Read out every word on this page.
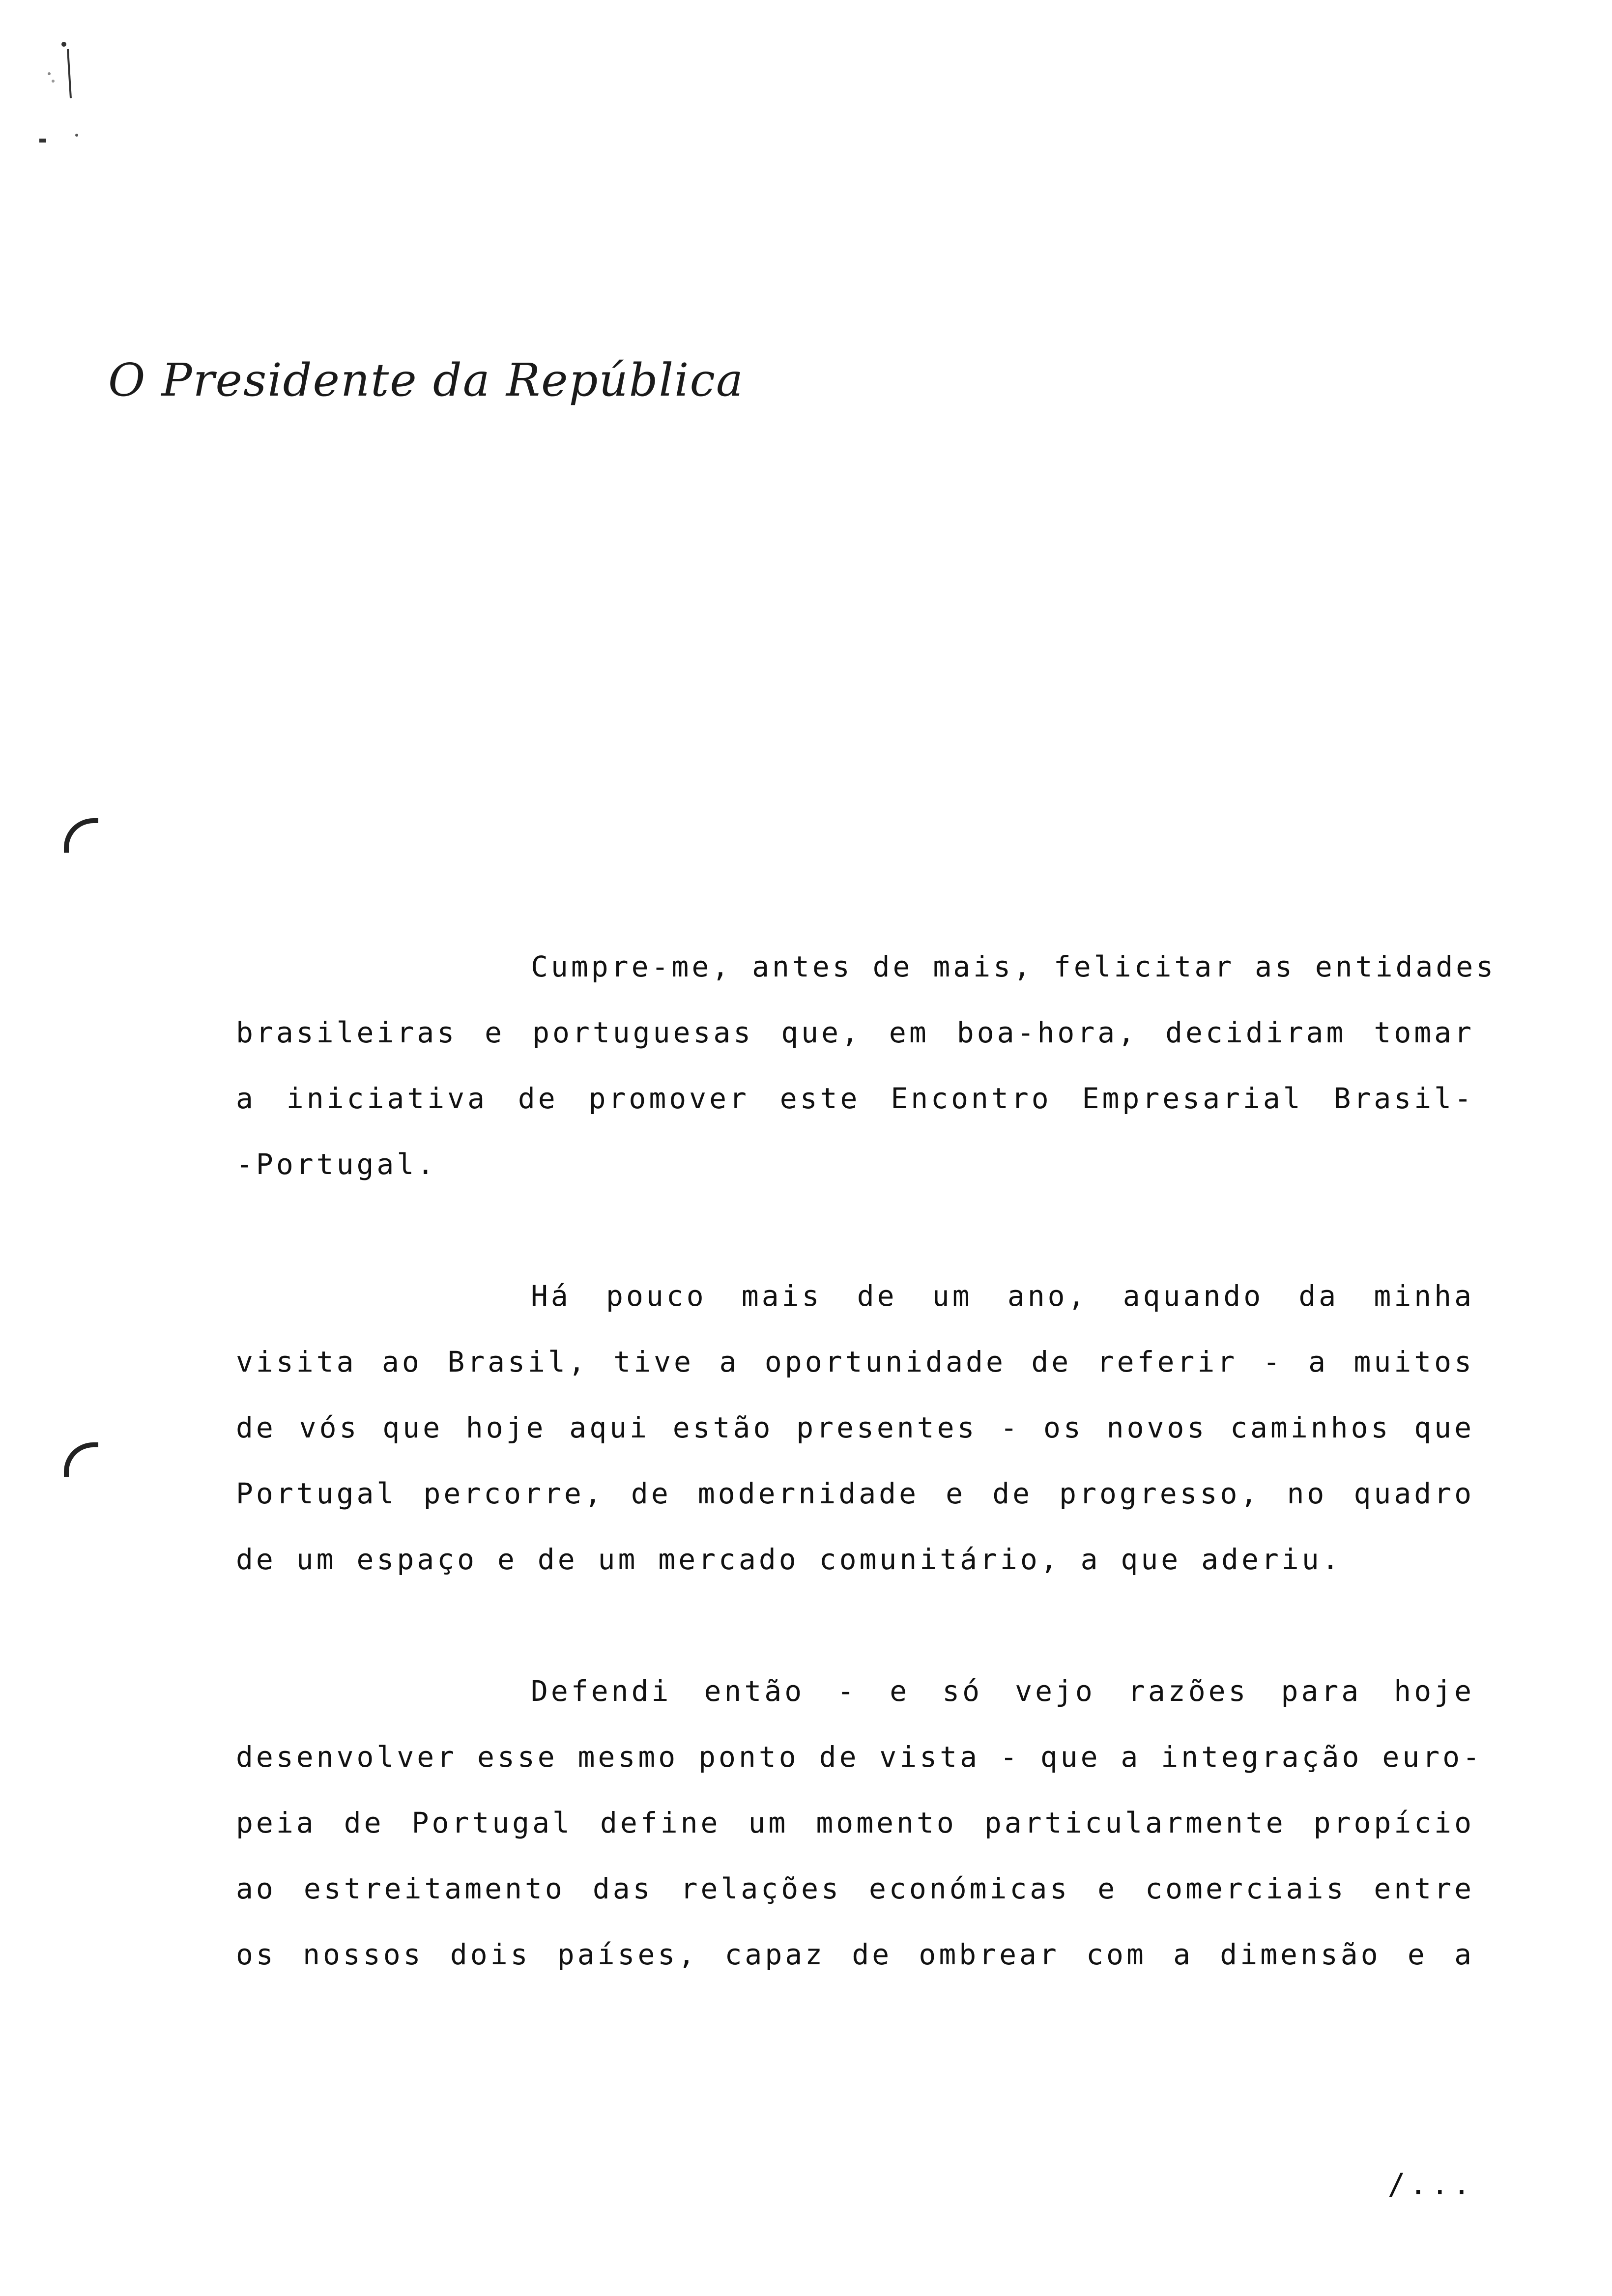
O Presidente da República
Cumpre-me, antes de mais, felicitar as entidades
brasileiras e portuguesas que, em boa-hora, decidiram tomar
a iniciativa de promover este Encontro Empresarial Brasil-
-Portugal.
Há pouco mais de um ano, aquando da minha
visita ao Brasil, tive a oportunidade de referir - a muitos
de vós que hoje aqui estão presentes - os novos caminhos que
Portugal percorre, de modernidade e de progresso, no quadro
de um espaço e de um mercado comunitário, a que aderiu.
Defendi então - e só vejo razões para hoje
desenvolver esse mesmo ponto de vista - que a integração euro-
peia de Portugal define um momento particularmente propício
ao estreitamento das relações económicas e comerciais entre
os nossos dois países, capaz de ombrear com a dimensão e a
/...
